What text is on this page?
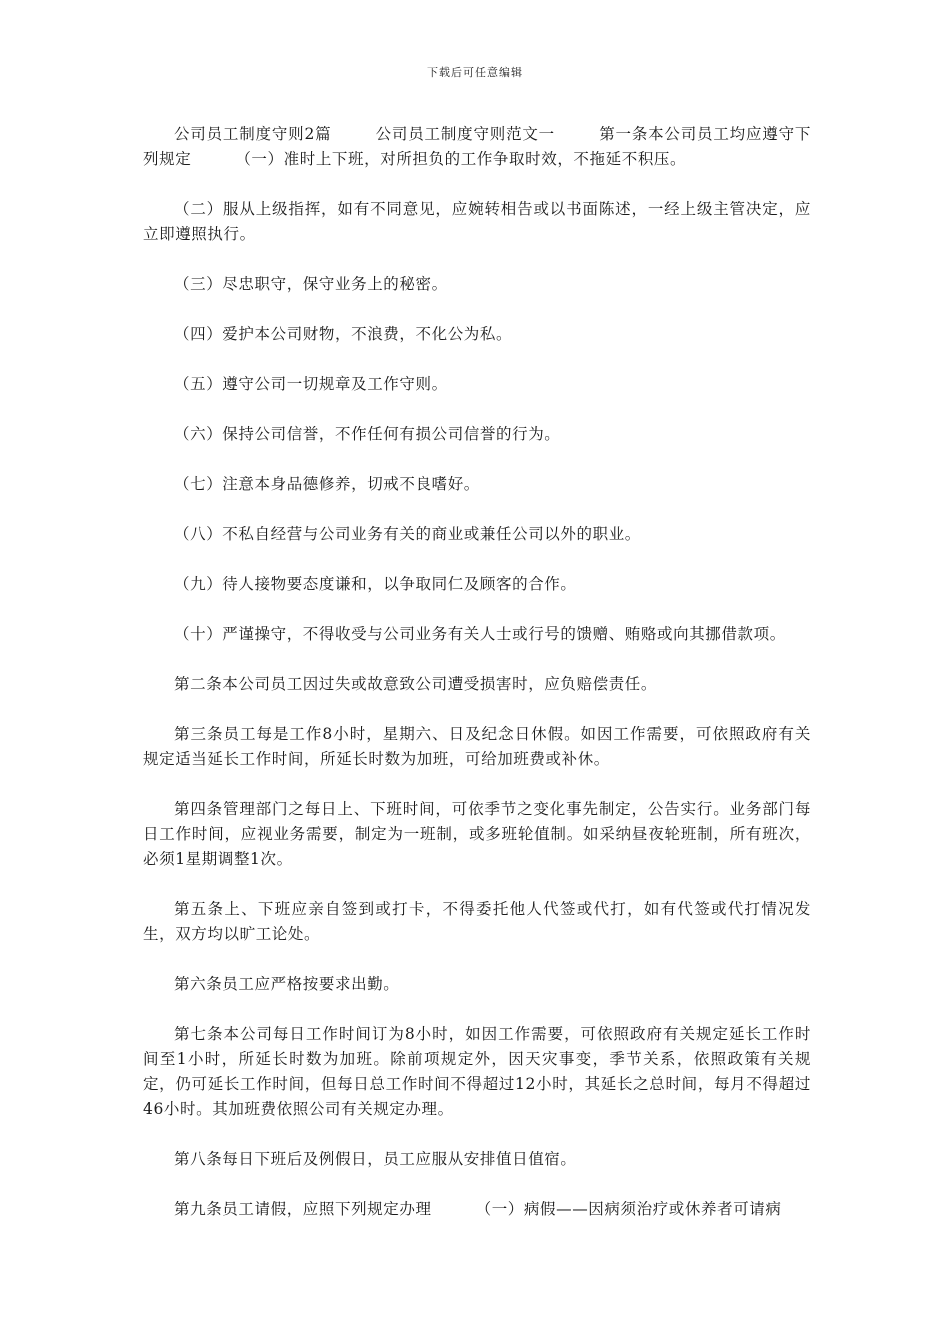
下载后可任意编辑

公司员工制度守则2篇	公司员工制度守则范文一	第一条本公司员工均应遵守下列规定	（一）准时上下班，对所担负的工作争取时效，不拖延不积压。

（二）服从上级指挥，如有不同意见，应婉转相告或以书面陈述，一经上级主管决定，应立即遵照执行。

（三）尽忠职守，保守业务上的秘密。

（四）爱护本公司财物，不浪费，不化公为私。

（五）遵守公司一切规章及工作守则。

（六）保持公司信誉，不作任何有损公司信誉的行为。

（七）注意本身品德修养，切戒不良嗜好。

（八）不私自经营与公司业务有关的商业或兼任公司以外的职业。

（九）待人接物要态度谦和，以争取同仁及顾客的合作。

（十）严谨操守，不得收受与公司业务有关人士或行号的馈赠、贿赂或向其挪借款项。

第二条本公司员工因过失或故意致公司遭受损害时，应负赔偿责任。

第三条员工每是工作8小时，星期六、日及纪念日休假。如因工作需要，可依照政府有关规定适当延长工作时间，所延长时数为加班，可给加班费或补休。

第四条管理部门之每日上、下班时间，可依季节之变化事先制定，公告实行。业务部门每日工作时间，应视业务需要，制定为一班制，或多班轮值制。如采纳昼夜轮班制，所有班次，必须1星期调整1次。

第五条上、下班应亲自签到或打卡，不得委托他人代签或代打，如有代签或代打情况发生，双方均以旷工论处。

第六条员工应严格按要求出勤。

第七条本公司每日工作时间订为8小时，如因工作需要，可依照政府有关规定延长工作时间至1小时，所延长时数为加班。除前项规定外，因天灾事变，季节关系，依照政策有关规定，仍可延长工作时间，但每日总工作时间不得超过12小时，其延长之总时间，每月不得超过46小时。其加班费依照公司有关规定办理。

第八条每日下班后及例假日，员工应服从安排值日值宿。

第九条员工请假，应照下列规定办理	（一）病假——因病须治疗或休养者可请病
